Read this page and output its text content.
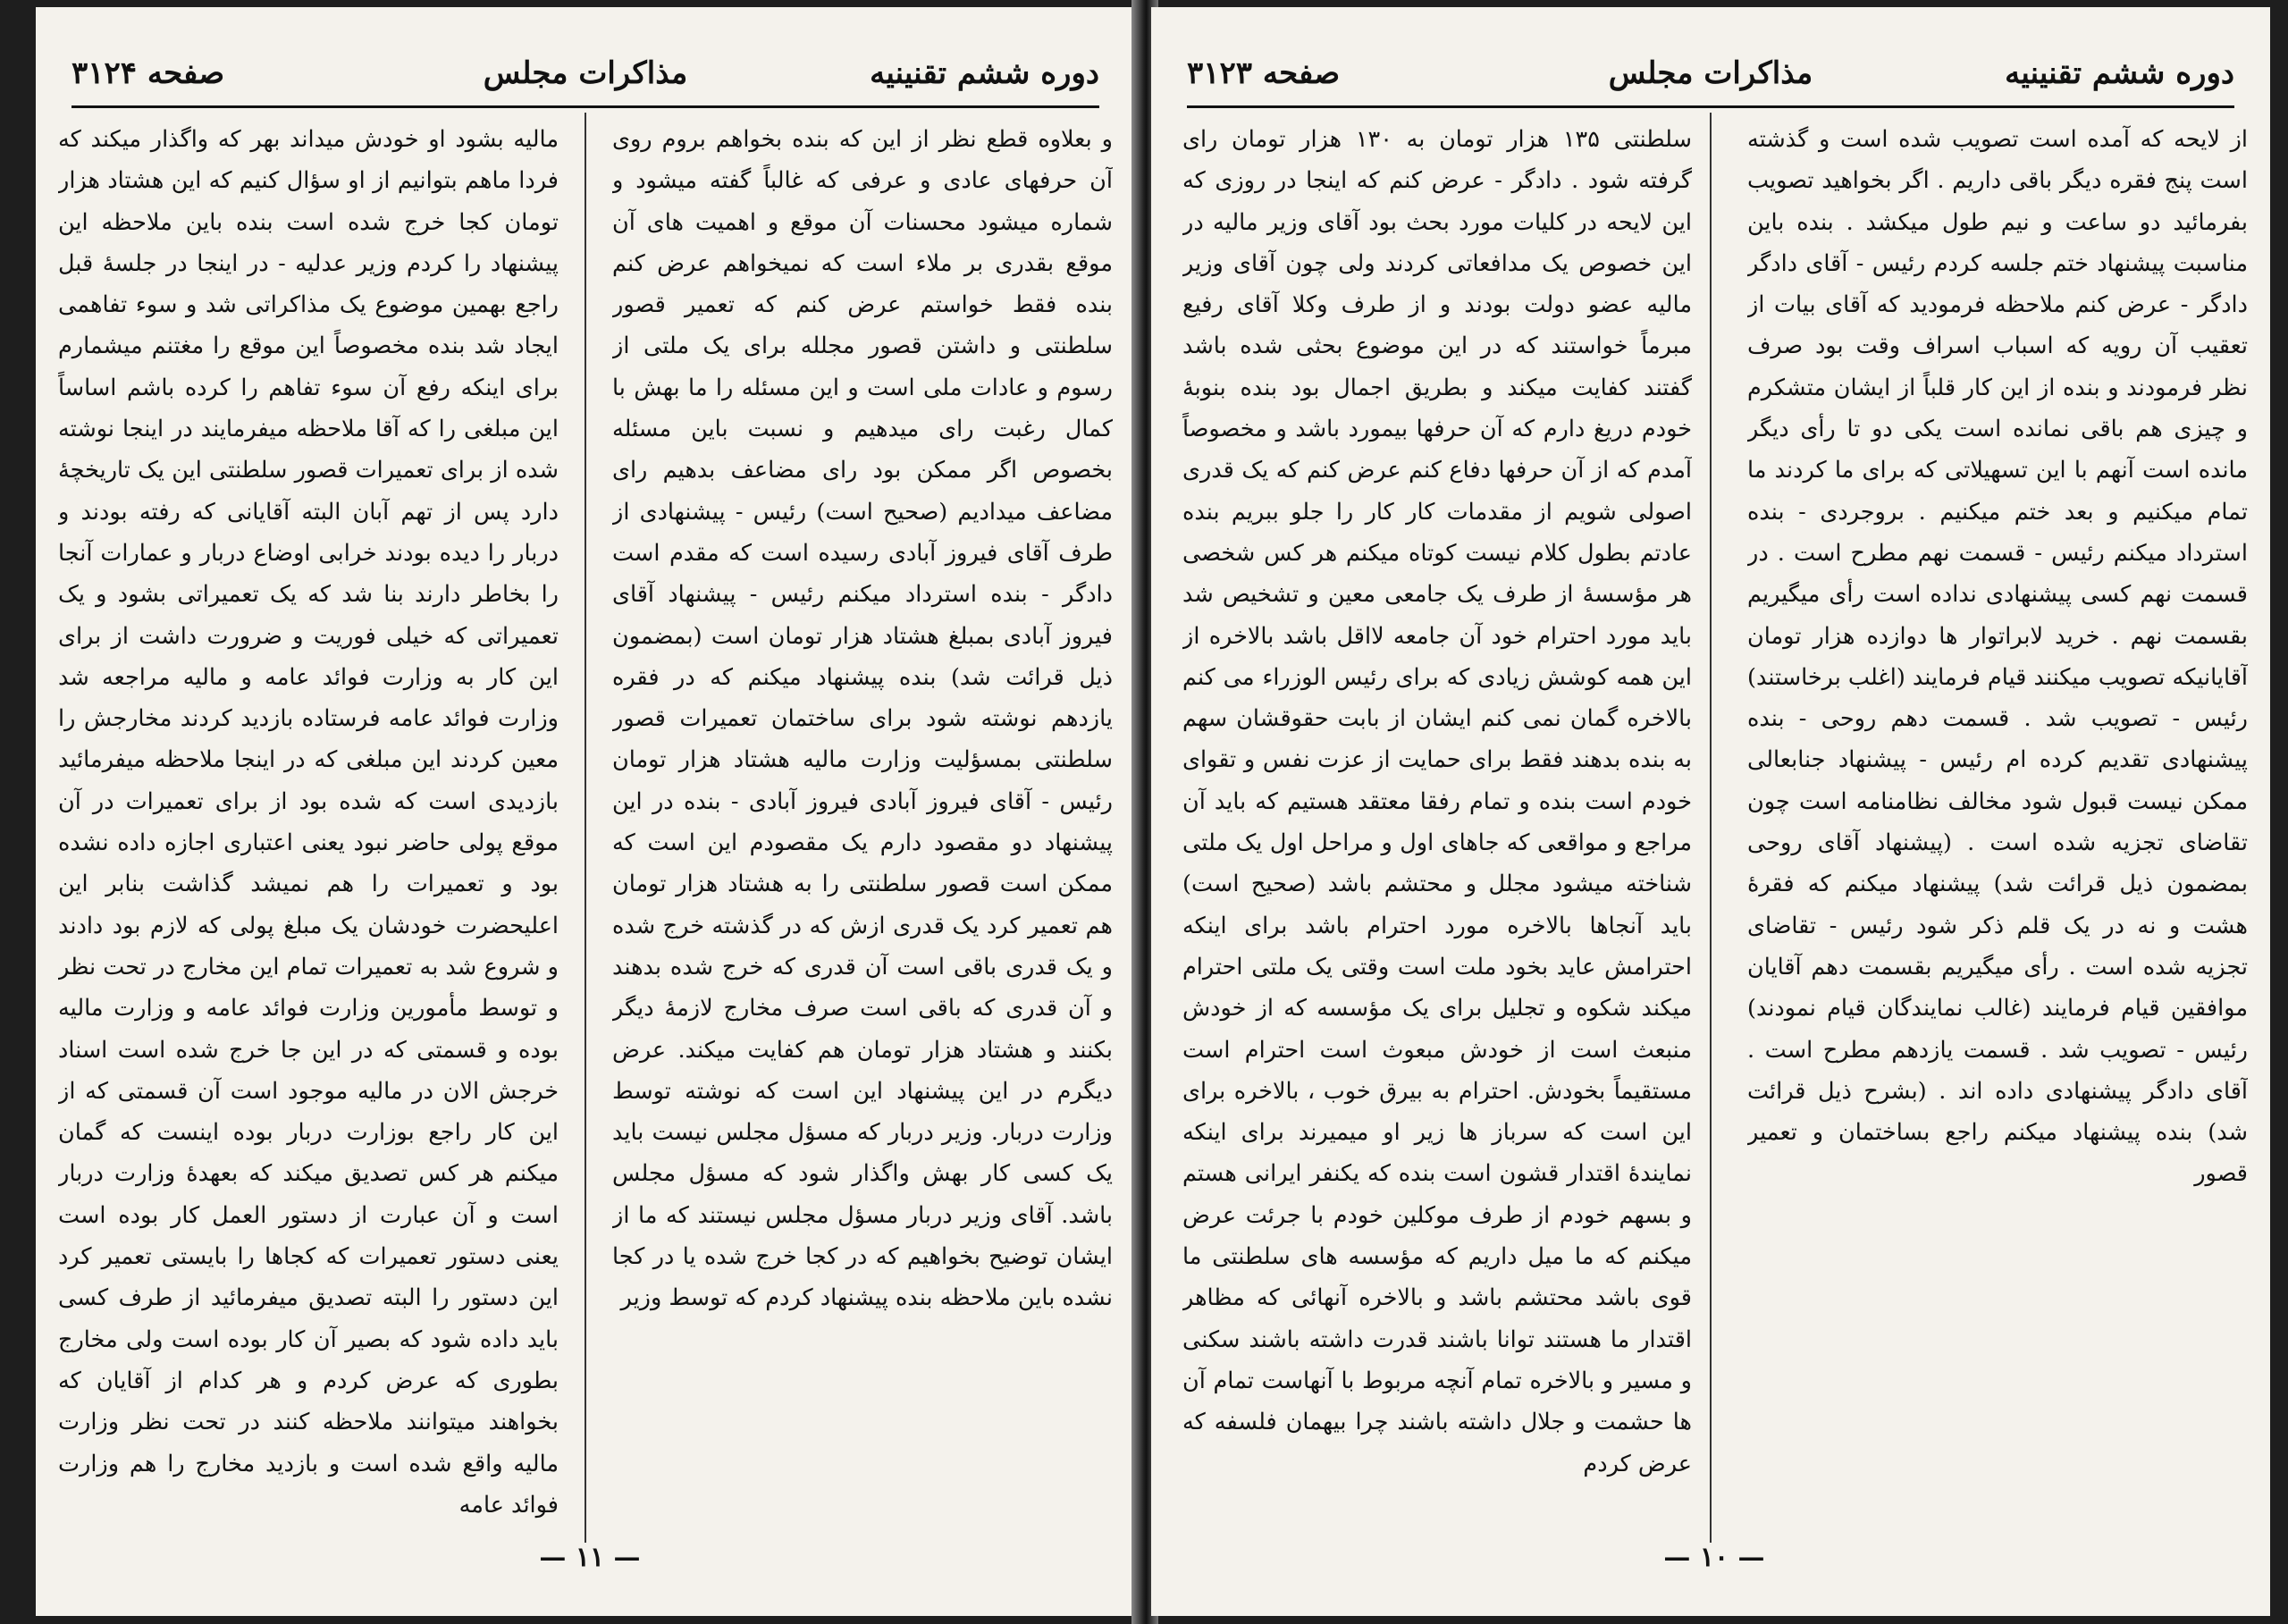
دوره ششم تقنینیه
مذاکرات مجلس
صفحه ۳۱۲۴

و بعلاوه قطع نظر از این که بنده بخواهم بروم روی آن حرفهای عادی و عرفی که غالباً گفته میشود و شماره میشود محسنات آن موقع و اهمیت های آن موقع بقدری بر ملاء است که نمیخواهم عرض کنم بنده فقط خواستم عرض کنم که تعمیر قصور سلطنتی و داشتن قصور مجلله برای یک ملتی از رسوم و عادات ملی است و این مسئله را ما بهش با کمال رغبت رای میدهیم و نسبت باین مسئله بخصوص اگر ممکن بود رای مضاعف بدهیم رای مضاعف میدادیم (صحیح است) رئیس - پیشنهادی از طرف آقای فیروز آبادی رسیده است که مقدم است دادگر - بنده استرداد میکنم رئیس - پیشنهاد آقای فیروز آبادی بمبلغ هشتاد هزار تومان است (بمضمون ذیل قرائت شد) بنده پیشنهاد میکنم که در فقره یازدهم نوشته شود برای ساختمان تعمیرات قصور سلطنتی بمسؤلیت وزارت مالیه هشتاد هزار تومان رئیس - آقای فیروز آبادی فیروز آبادی - بنده در این پیشنهاد دو مقصود دارم یک مقصودم این است که ممکن است قصور سلطنتی را به هشتاد هزار تومان هم تعمیر کرد یک قدری ازش که در گذشته خرج شده و یک قدری باقی است آن قدری که خرج شده بدهند و آن قدری که باقی است صرف مخارج لازمهٔ دیگر بکنند و هشتاد هزار تومان هم کفایت میکند. عرض دیگرم در این پیشنهاد این است که نوشته توسط وزارت دربار. وزیر دربار که مسؤل مجلس نیست باید یک کسی کار بهش واگذار شود که مسؤل مجلس باشد. آقای وزیر دربار مسؤل مجلس نیستند که ما از ایشان توضیح بخواهیم که در کجا خرج شده یا در کجا نشده باین ملاحظه بنده پیشنهاد کردم که توسط وزیر

مالیه بشود او خودش میداند بهر که واگذار میکند که فردا ماهم بتوانیم از او سؤال کنیم که این هشتاد هزار تومان کجا خرج شده است بنده باین ملاحظه این پیشنهاد را کردم وزیر عدلیه - در اینجا در جلسهٔ قبل راجع بهمین موضوع یک مذاکراتی شد و سوء تفاهمی ایجاد شد بنده مخصوصاً این موقع را مغتنم میشمارم برای اینکه رفع آن سوء تفاهم را کرده باشم اساساً این مبلغی را که آقا ملاحظه میفرمایند در اینجا نوشته شده از برای تعمیرات قصور سلطنتی این یک تاریخچهٔ دارد پس از تهم آبان البته آقایانی که رفته بودند و دربار را دیده بودند خرابی اوضاع دربار و عمارات آنجا را بخاطر دارند بنا شد که یک تعمیراتی بشود و یک تعمیراتی که خیلی فوریت و ضرورت داشت از برای این کار به وزارت فوائد عامه و مالیه مراجعه شد وزارت فوائد عامه فرستاده بازدید کردند مخارجش را معین کردند این مبلغی که در اینجا ملاحظه میفرمائید بازدیدی است که شده بود از برای تعمیرات در آن موقع پولی حاضر نبود یعنی اعتباری اجازه داده نشده بود و تعمیرات را هم نمیشد گذاشت بنابر این اعلیحضرت خودشان یک مبلغ پولی که لازم بود دادند و شروع شد به تعمیرات تمام این مخارج در تحت نظر و توسط مأمورین وزارت فوائد عامه و وزارت مالیه بوده و قسمتی که در این جا خرج شده است اسناد خرجش الان در مالیه موجود است آن قسمتی که از این کار راجع بوزارت دربار بوده اینست که گمان میکنم هر کس تصدیق میکند که بعهدهٔ وزارت دربار است و آن عبارت از دستور العمل کار بوده است یعنی دستور تعمیرات که کجاها را بایستی تعمیر کرد این دستور را البته تصدیق میفرمائید از طرف کسی باید داده شود که بصیر آن کار بوده است ولی مخارج بطوری که عرض کردم و هر کدام از آقایان که بخواهند میتوانند ملاحظه کنند در تحت نظر وزارت مالیه واقع شده است و بازدید مخارج را هم وزارت فوائد عامه

— ۱۱ —
دوره ششم تقنینیه
مذاکرات مجلس
صفحه ۳۱۲۳

از لایحه که آمده است تصویب شده است و گذشته است پنج فقره دیگر باقی داریم . اگر بخواهید تصویب بفرمائید دو ساعت و نیم طول میکشد . بنده باین مناسبت پیشنهاد ختم جلسه کردم رئیس - آقای دادگر دادگر - عرض کنم ملاحظه فرمودید که آقای بیات از تعقیب آن رویه که اسباب اسراف وقت بود صرف نظر فرمودند و بنده از این کار قلباً از ایشان متشکرم و چیزی هم باقی نمانده است یکی دو تا رأی دیگر مانده است آنهم با این تسهیلاتی که برای ما کردند ما تمام میکنیم و بعد ختم میکنیم . بروجردی - بنده استرداد میکنم رئیس - قسمت نهم مطرح است . در قسمت نهم کسی پیشنهادی نداده است رأی میگیریم بقسمت نهم . خرید لابراتوار ها دوازده هزار تومان آقایانیکه تصویب میکنند قیام فرمایند (اغلب برخاستند) رئیس - تصویب شد . قسمت دهم روحی - بنده پیشنهادی تقدیم کرده ام رئیس - پیشنهاد جنابعالی ممکن نیست قبول شود مخالف نظامنامه است چون تقاضای تجزیه شده است . (پیشنهاد آقای روحی بمضمون ذیل قرائت شد) پیشنهاد میکنم که فقرهٔ هشت و نه در یک قلم ذکر شود رئیس - تقاضای تجزیه شده است . رأی میگیریم بقسمت دهم آقایان موافقین قیام فرمایند (غالب نمایندگان قیام نمودند) رئیس - تصویب شد . قسمت یازدهم مطرح است . آقای دادگر پیشنهادی داده اند . (بشرح ذیل قرائت شد) بنده پیشنهاد میکنم راجع بساختمان و تعمیر قصور

سلطنتی ۱۳۵ هزار تومان به ۱۳۰ هزار تومان رای گرفته شود . دادگر - عرض کنم که اینجا در روزی که این لایحه در کلیات مورد بحث بود آقای وزیر مالیه در این خصوص یک مدافعاتی کردند ولی چون آقای وزیر مالیه عضو دولت بودند و از طرف وکلا آقای رفیع مبرماً خواستند که در این موضوع بحثی شده باشد گفتند کفایت میکند و بطریق اجمال بود بنده بنوبهٔ خودم دریغ دارم که آن حرفها بیمورد باشد و مخصوصاً آمدم که از آن حرفها دفاع کنم عرض کنم که یک قدری اصولی شویم از مقدمات کار کار را جلو ببریم بنده عادتم بطول کلام نیست کوتاه میکنم هر کس شخصی هر مؤسسهٔ از طرف یک جامعی معین و تشخیص شد باید مورد احترام خود آن جامعه لااقل باشد بالاخره از این همه کوشش زیادی که برای رئیس الوزراء می کنم بالاخره گمان نمی کنم ایشان از بابت حقوقشان سهم به بنده بدهند فقط برای حمایت از عزت نفس و تقوای خودم است بنده و تمام رفقا معتقد هستیم که باید آن مراجع و مواقعی که جاهای اول و مراحل اول یک ملتی شناخته میشود مجلل و محتشم باشد (صحیح است) باید آنجاها بالاخره مورد احترام باشد برای اینکه احترامش عاید بخود ملت است وقتی یک ملتی احترام میکند شکوه و تجلیل برای یک مؤسسه که از خودش منبعث است از خودش مبعوث است احترام است مستقیماً بخودش. احترام به بیرق خوب ، بالاخره برای این است که سرباز ها زیر او میمیرند برای اینکه نمایندهٔ اقتدار قشون است بنده که یکنفر ایرانی هستم و بسهم خودم از طرف موکلین خودم با جرئت عرض میکنم که ما میل داریم که مؤسسه های سلطنتی ما قوی باشد محتشم باشد و بالاخره آنهائی که مظاهر اقتدار ما هستند توانا باشند قدرت داشته باشند سکنی و مسیر و بالاخره تمام آنچه مربوط با آنهاست تمام آن ها حشمت و جلال داشته باشند چرا بیهمان فلسفه که عرض کردم

— ۱۰ —
